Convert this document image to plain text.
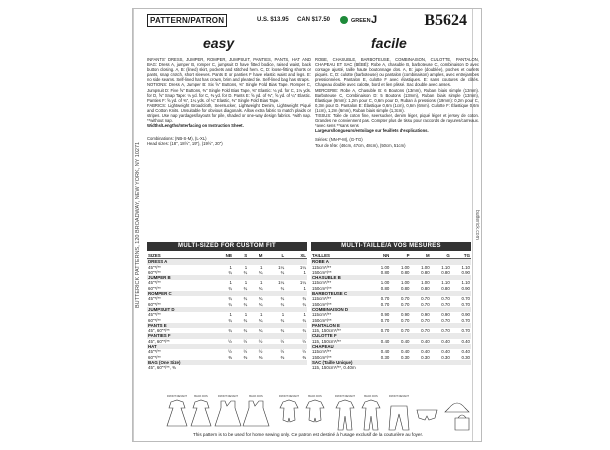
BUTTERICK PATTERNS, 120 BROADWAY, NEW YORK, NY 10271	butterick.com
PATTERN/PATRON	U.S. $13.95 CAN $17.50	GREEN J	B5624
easy	facile
INFANTS' DRESS, JUMPER, ROMPER, JUMPSUIT, PANTIES, PANTS, HAT AND BAG: Dress A, jumper B, romper C, jumpsuit D have fitted bodice, raised waist, back button closing. A, B: (lined) skirt, pockets and stitched hem. C, D: loose-fitting shorts or pants, snap crotch, short sleeves. Pants E or panties F have elastic waist and legs. E: no side seams. Self-lined hat has crown, brim and pleated tie. Self-lined bag has straps.
NOTIONS: Dress A, Jumper B: Six ⅝" Buttons, ⅜" Single Fold Bias Tape. Romper C, Jumpsuit D: Five ⅝" Buttons, ⅜" Single Fold Bias Tape, ⅜" Elastic: ⅛ yd. for C, 1⅛ yds. for D, ⅝" Snap Tape: ⅛ yd. for C, ⅜ yd. for D. Pants E: ⅝ yd. of ⅜", ⅝ yd. of ¼" Elastic. Panties F: ⅝ yd. of ⅜", 1¼ yds. of ¼" Elastic, ⅜" Single Fold Bias Tape.
FABRICS: Lightweight Broadcloth, Seersucker, Lightweight Denim, Lightweight Piqué and Cotton Knits. Unsuitable for obvious diagonals. Allow extra fabric to match plaids or stripes. Use nap yardages/layouts for pile, shaded or one-way design fabrics. *with nap. **without nap.
Widths/Lengths/Interfacing on Instruction Sheet.
Combinations: (NB-S-M), (L-XL)
Head sizes: (18", 18½", 19"), (19½", 20")
ROBE, CHASUBLE, BARBOTEUSE, COMBINAISON, CULOTTE, PANTALON, CHAPEAU ET SAC (BÉBÉ): Robe A, chasuble B, barboteuse C, combinaison D avec corsage ajusté, taille haute boutonnage dos. A, B: jupe (doublée), poches et ourlets piqués. C, D: culotte (barboteuse) ou pantalon (combinaison) amples, avec entrejambes pressionnées. Pantalon E, culotte F avec élastiques. E: sans coutures de côtés. Chapeau double avec calotte, bord et lien plissé. Sac double avec anses.
MERCERIE: Robe A, Chasuble B: 6 Boutons (13mm), Ruban biais simple (13mm). Barboteuse C, Combinaison D: 5 Boutons (13mm), Ruban biais simple (13mm), Élastique (6mm): 1,2m pour C, 0,6m pour D, Ruban à pressions (19mm): 0,2m pour C, 0,3m pour D. Pantalon E: Élastique 0,6m (1cm), 0,6m (6mm). Culotte F: Élastique 0,6m (1cm), 1,2m (6mm), Ruban biais simple (1,3cm).
TISSUS: Toile de coton fine, seersucker, denim léger, piqué léger et jersey de coton. Grandes ne conviennent pas. Compter plus de tissu pour raccords de rayures/carreaux. *avec sens **sans sens
Largeurs/longueurs/entoilage sur feuillets d'explications.
Séries: (NN-P-M), (G-TG)
Tour de tête: (46cm, 47cm, 48cm), (50cm, 51cm)
MULTI-SIZED FOR CUSTOM FIT	MULTI-TAILLE/A VOS MESURES
SIZES	NB	S	M	L	XL
DRESS A					
45"*/**	1	1	1	1¼	1¼
60"*/**	¾	¾	¾	¾	1
JUMPER B					
45"*/**	1	1	1	1¼	1¼
60"*/**	¾	¾	¾	¾	1
ROMPER C					
45"*/**	¾	¾	¾	¾	¾
60"*/**	¾	¾	¾	¾	¾
JUMPSUIT D					
45"*/**	1	1	1	1	1
60"*/**	¾	¾	¾	¾	¾
PANTS E					
45", 60"*/**	¾	¾	¾	¾	¾
PANTIES F					
45", 60"*/**	½	½	½	½	½
HAT					
45"*/**	½	½	½	½	½
60"*/**	⅜	⅜	⅜	⅜	⅜
BAG (One Size)					
45", 60"*/**, ⅜					
TAILLES	NN	P	M	G	TG
ROBE A					
115cm*/**	1.00	1.00	1.00	1.10	1.10
150cm*/**	0.80	0.80	0.80	0.80	0.90
CHASUBLE B					
115cm*/**	1.00	1.00	1.00	1.10	1.10
150cm*/**	0.80	0.80	0.80	0.80	0.90
BARBOTEUSE C					
115cm*/**	0.70	0.70	0.70	0.70	0.70
150cm*/**	0.70	0.70	0.70	0.70	0.70
COMBINAISON D					
115cm*/**	0.90	0.90	0.90	0.90	0.90
150cm*/**	0.70	0.70	0.70	0.70	0.70
PANTALON E					
115, 150cm*/**	0.70	0.70	0.70	0.70	0.70
CULOTTE F					
115, 150cm*/**	0.40	0.40	0.40	0.40	0.40
CHAPEAU					
115cm*/**	0.40	0.40	0.40	0.40	0.40
150cm*/**	0.30	0.30	0.30	0.30	0.30
SAC (Taille Unique)					
115, 150cm*/**, 0.40m					
FRONT DEVANT	BACK DOS	FRONT DEVANT	BACK DOS	FRONT DEVANT	BACK DOS	FRONT DEVANT	BACK DOS	FRONT DEVANT
This pattern is to be used for home sewing only. Ce patron est destiné à l'usage exclusif de la couturière au foyer.
